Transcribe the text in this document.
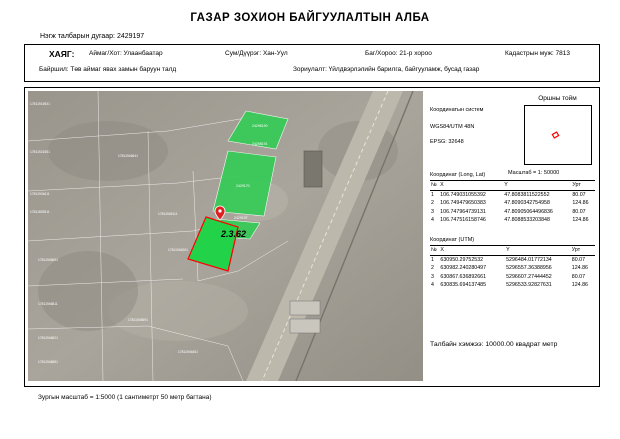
ГАЗАР ЗОХИОН БАЙГУУЛАЛТЫН АЛБА
Нэгж талбарын дугаар: 2429197
ХАЯГ: Аймаг/Хот: Улаанбаатар	Сум/Дүүрэг: Хан-Уул	Баг/Хороо: 21-р хороо	Кадастрын муж: 7813
Байршил: Төв аймаг явах замын баруун талд	Зориулалт: Үйлдвэрлэлийн барилга, байгууламж, бусад газар
2.3.62
24298190
24298191
2429170
2429197
17811916931
17811921851
17811904611
17811892511
17811946691
17811946811
17811946821
17811946851
17811946641
17811946111
17811946261
17811946591
17811946461
Оршны тойм
Координатын систем
WGS84/UTM 48N
EPSG: 32648
Масштаб = 1: 50000
Координат (Long, Lat)
№	X	Y	Урт
1	106.749031055392	47.8083811522552	80.07
2	106.749479650383	47.8090342754958	124.86
3	106.747964739131	47.80905064496836	80.07
4	106.747516158746	47.8088533203848	124.86
Координат (UTM)
№	X	Y	Урт
1	630950.29752532	5296484.01772134	80.07
2	630982.240280497	5296557.36388956	124.86
3	630867.636892661	5296607.27444452	80.07
4	630835.694137485	5296533.92827631	124.86
Талбайн хэмжээ: 10000.00 квадрат метр
Зургын масштаб = 1:5000 (1 сантиметрт 50 метр багтана)
